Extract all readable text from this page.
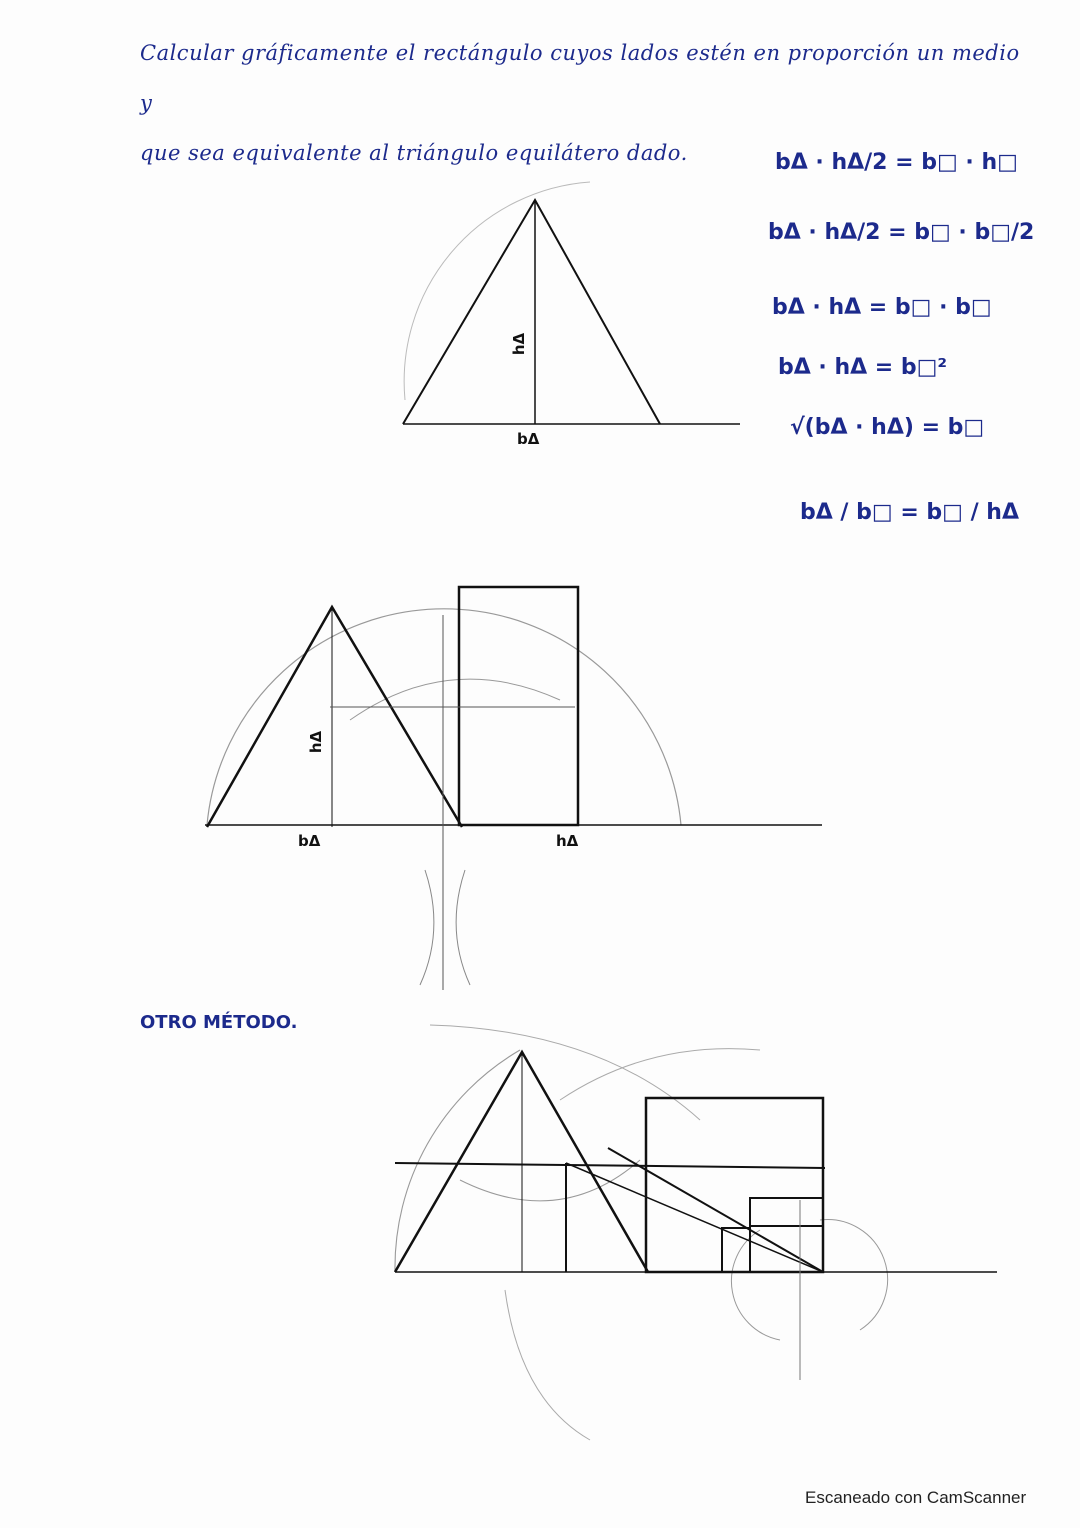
Calcular gráficamente el rectángulo cuyos lados estén en proporción un medio y
que sea equivalente al triángulo equilátero dado.	bΔ · hΔ/2 = b□ · h□
bΔ · hΔ/2 = b□ · b□/2
bΔ · hΔ = b□ · b□
bΔ · hΔ = b□²
√(bΔ · hΔ) = b□
bΔ / b□ = b□ / hΔ
hΔ
bΔ
hΔ
bΔ	hΔ
OTRO MÉTODO.
Escaneado con CamScanner
